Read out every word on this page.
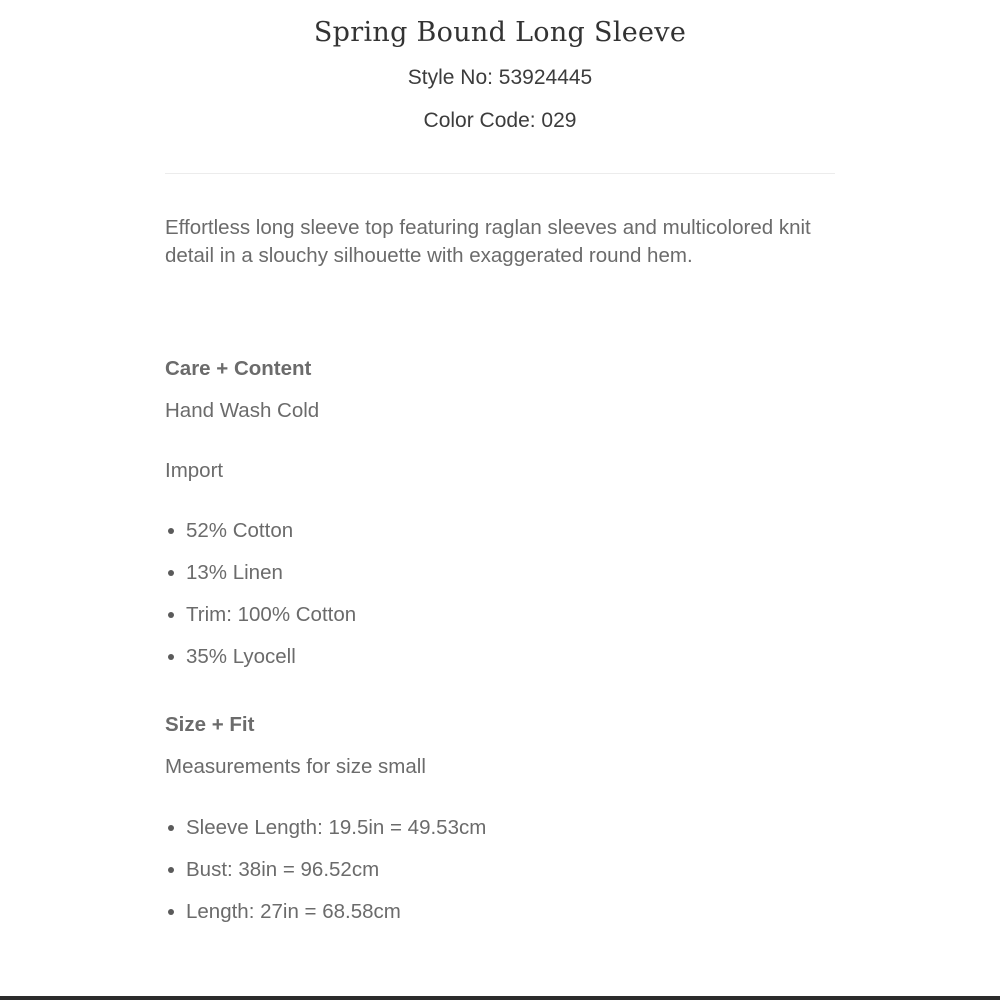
Spring Bound Long Sleeve
Style No: 53924445
Color Code: 029
Effortless long sleeve top featuring raglan sleeves and multicolored knit detail in a slouchy silhouette with exaggerated round hem.
Care + Content
Hand Wash Cold
Import
52% Cotton
13% Linen
Trim: 100% Cotton
35% Lyocell
Size + Fit
Measurements for size small
Sleeve Length: 19.5in = 49.53cm
Bust: 38in = 96.52cm
Length: 27in = 68.58cm
